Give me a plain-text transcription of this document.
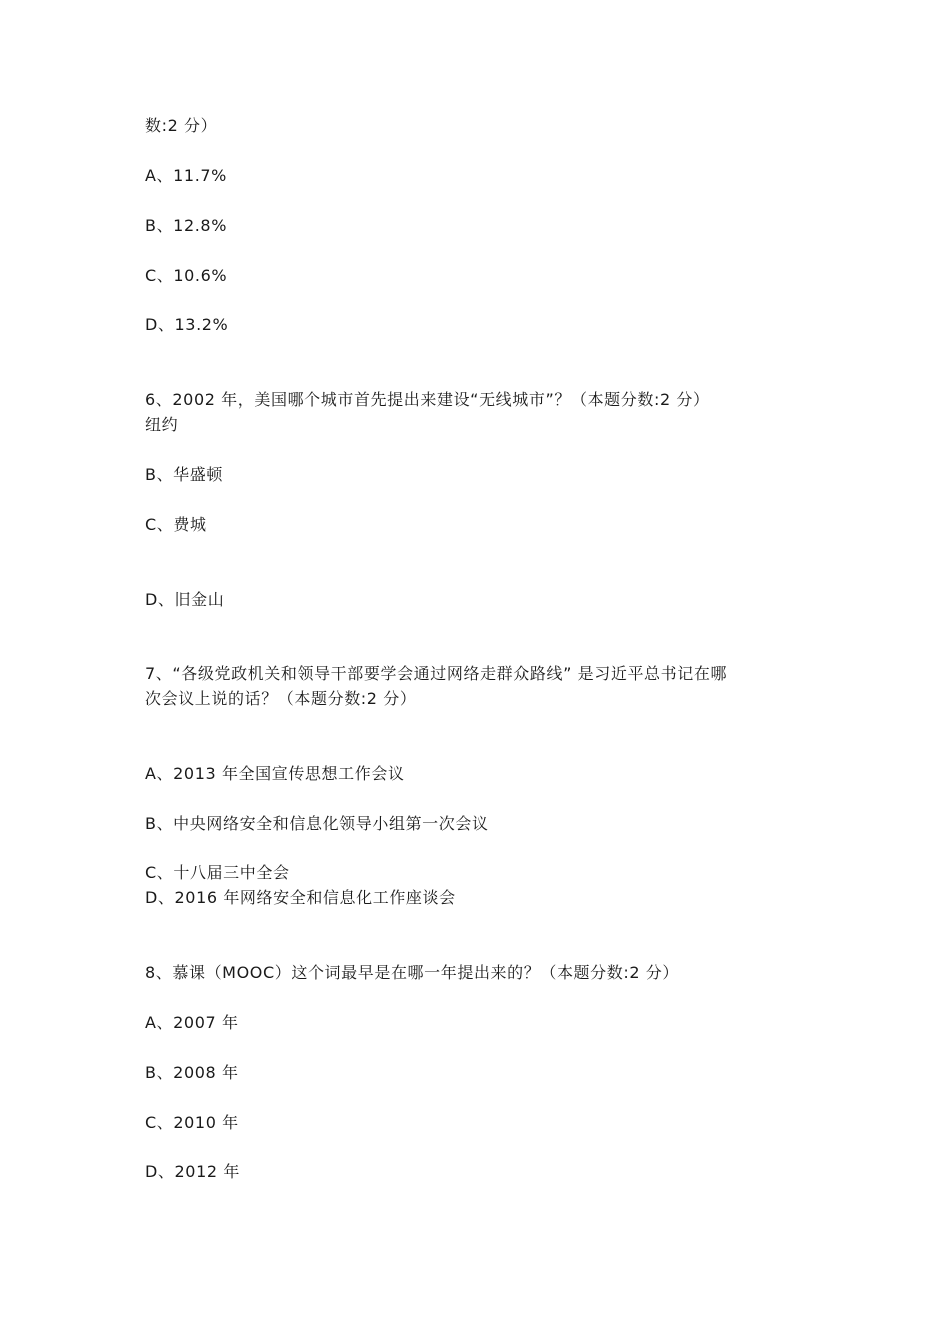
数:2 分）
A、11.7%
B、12.8%
C、10.6%
D、13.2%
6、2002 年，美国哪个城市首先提出来建设“无线城市”？（本题分数:2 分）
纽约
B、华盛顿
C、费城
D、旧金山
7、“各级党政机关和领导干部要学会通过网络走群众路线” 是习近平总书记在哪
次会议上说的话？（本题分数:2 分）
A、2013 年全国宣传思想工作会议
B、中央网络安全和信息化领导小组第一次会议
C、十八届三中全会
D、2016 年网络安全和信息化工作座谈会
8、慕课（MOOC）这个词最早是在哪一年提出来的？（本题分数:2 分）
A、2007 年
B、2008 年
C、2010 年
D、2012 年
